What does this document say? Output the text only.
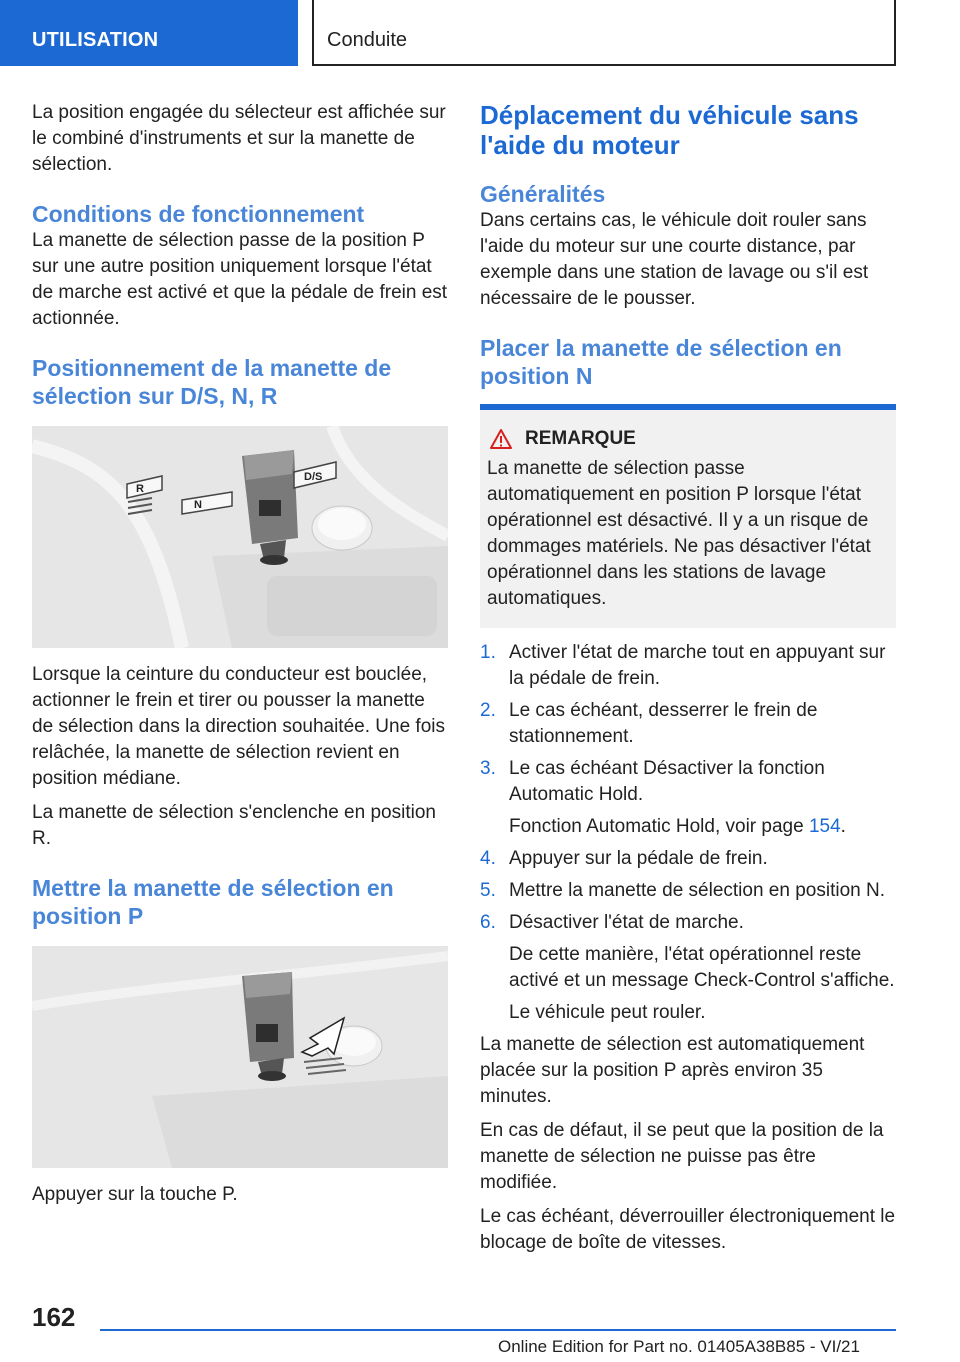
UTILISATION	Conduite

La position engagée du sélecteur est affichée sur le combiné d'instruments et sur la manette de sélection.

Conditions de fonctionnement

La manette de sélection passe de la position P sur une autre position uniquement lorsque l'état de marche est activé et que la pédale de frein est actionnée.

Positionnement de la manette de sélection sur D/S, N, R
R
N
D/S

Lorsque la ceinture du conducteur est bouclée, actionner le frein et tirer ou pousser la manette de sélection dans la direction souhaitée. Une fois relâchée, la manette de sélection revient en position médiane.

La manette de sélection s'enclenche en position R.

Mettre la manette de sélection en position P

Appuyer sur la touche P.

Déplacement du véhicule sans l'aide du moteur
Généralités

Dans certains cas, le véhicule doit rouler sans l'aide du moteur sur une courte distance, par exemple dans une station de lavage ou s'il est nécessaire de le pousser.

Placer la manette de sélection en position N
REMARQUE

La manette de sélection passe automatiquement en position P lorsque l'état opérationnel est désactivé. Il y a un risque de dommages matériels. Ne pas désactiver l'état opérationnel dans les stations de lavage automatiques.

1. Activer l'état de marche tout en appuyant sur la pédale de frein.
2. Le cas échéant, desserrer le frein de stationnement.
3. Le cas échéant Désactiver la fonction Automatic Hold.

Fonction Automatic Hold, voir page 154.

4. Appuyer sur la pédale de frein.
5. Mettre la manette de sélection en position N.
6. Désactiver l'état de marche.

De cette manière, l'état opérationnel reste activé et un message Check-Control s'affiche.

Le véhicule peut rouler.

La manette de sélection est automatiquement placée sur la position P après environ 35 minutes.

En cas de défaut, il se peut que la position de la manette de sélection ne puisse pas être modifiée.

Le cas échéant, déverrouiller électroniquement le blocage de boîte de vitesses.

162
Online Edition for Part no. 01405A38B85 - VI/21
